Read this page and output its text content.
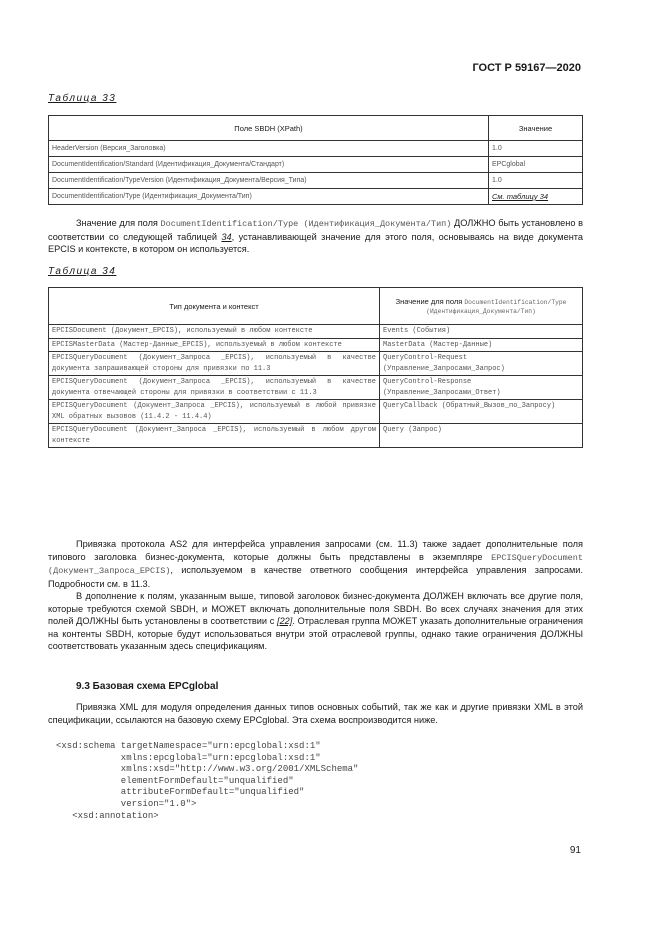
ГОСТ Р 59167—2020
Таблица 33
Поле SBDH (XPath)	Значение
HeaderVersion (Версия_Заголовка)	1.0
DocumentIdentification/Standard (Идентификация_Документа/Стандарт)	EPCglobal
DocumentIdentification/TypeVersion (Идентификация_Документа/Версия_Типа)	1.0
DocumentIdentification/Type (Идентификация_Документа/Тип)	См. таблицу 34
Значение для поля DocumentIdentification/Type (Идентификация_Документа/Тип) ДОЛЖНО быть установлено в соответствии со следующей таблицей 34, устанавливающей значение для этого поля, основываясь на виде документа EPCIS и контексте, в котором он используется.
Таблица 34
Тип документа и контекст	Значение для поля DocumentIdentification/Type (Идентификация_Документа/Тип)
EPCISDocument (Документ_EPCIS), используемый в любом контексте	Events (События)
EPCISMasterData (Мастер-Данные_EPCIS), используемый в любом контексте	MasterData (Мастер-Данные)
EPCISQueryDocument (Документ_Запроса _EPCIS), используемый в качестве документа запрашивающей стороны для привязки по 11.3	QueryControl-Request (Управление_Запросами_Запрос)
EPCISQueryDocument (Документ_Запроса _EPCIS), используемый в качестве документа отвечающей стороны для привязки в соответствии с 11.3	QueryControl-Response (Управление_Запросами_Ответ)
EPCISQueryDocument (Документ_Запроса _EPCIS), используемый в любой привязке XML обратных вызовов (11.4.2 - 11.4.4)	QueryCallback (Обратный_Вызов_по_Запросу)
EPCISQueryDocument (Документ_Запроса _EPCIS), используемый в любом другом контексте	Query (Запрос)
Привязка протокола AS2 для интерфейса управления запросами (см. 11.3) также задает дополнительные поля типового заголовка бизнес-документа, которые должны быть представлены в экземпляре EPCISQueryDocument (Документ_Запроса_EPCIS), используемом в качестве ответного сообщения интерфейса управления запросами. Подробности см. в 11.3.
В дополнение к полям, указанным выше, типовой заголовок бизнес-документа ДОЛЖЕН включать все другие поля, которые требуются схемой SBDH, и МОЖЕТ включать дополнительные поля SBDH. Во всех случаях значения для этих полей ДОЛЖНЫ быть установлены в соответствии с [22]. Отраслевая группа МОЖЕТ указать дополнительные ограничения на контенты SBDH, которые будут использоваться внутри этой отраслевой группы, однако такие ограничения ДОЛЖНЫ соответствовать указанным здесь спецификациям.
9.3 Базовая схема EPCglobal
Привязка XML для модуля определения данных типов основных событий, так же как и другие привязки XML в этой спецификации, ссылаются на базовую схему EPCglobal. Эта схема воспроизводится ниже.
<xsd:schema targetNamespace="urn:epcglobal:xsd:1"
xmlns:epcglobal="urn:epcglobal:xsd:1"
xmlns:xsd="http://www.w3.org/2001/XMLSchema"
elementFormDefault="unqualified"
attributeFormDefault="unqualified"
version="1.0">
<xsd:annotation>
91
